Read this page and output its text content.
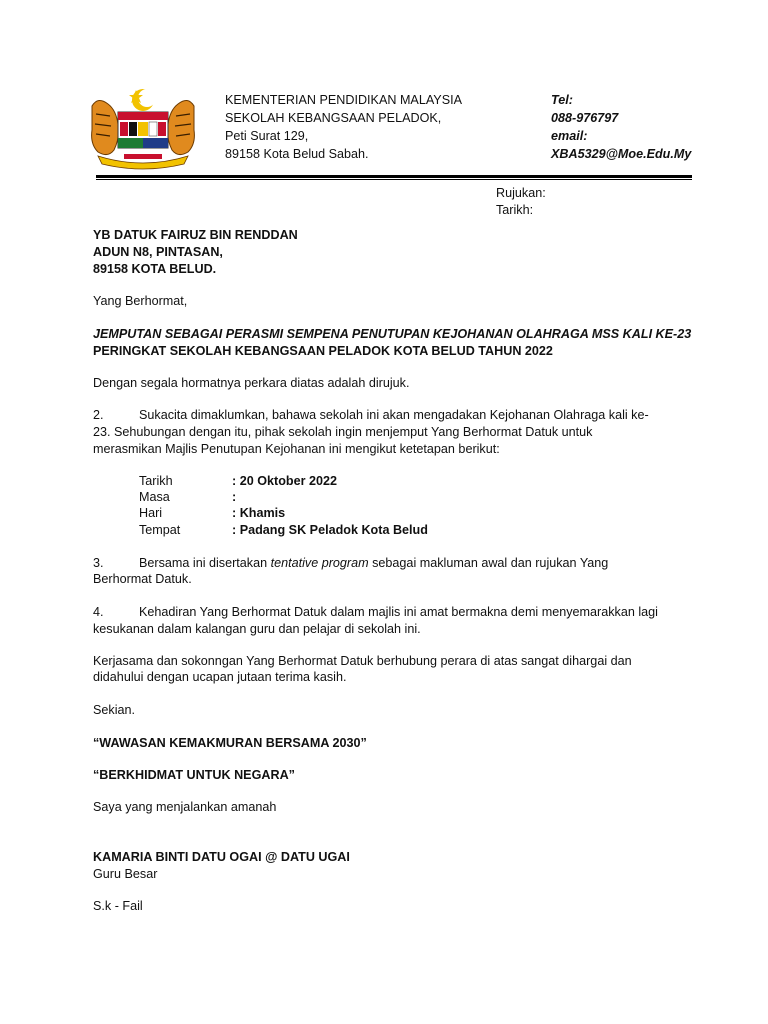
KEMENTERIAN PENDIDIKAN MALAYSIA
SEKOLAH KEBANGSAAN PELADOK,
Peti Surat 129,
89158 Kota Belud Sabah.
Tel:
088-976797
email:
XBA5329@Moe.Edu.My
Rujukan:
Tarikh:
YB DATUK FAIRUZ BIN RENDDAN
ADUN N8, PINTASAN,
89158 KOTA BELUD.
Yang Berhormat,
JEMPUTAN SEBAGAI PERASMI SEMPENA PENUTUPAN KEJOHANAN OLAHRAGA MSS KALI KE-23
PERINGKAT SEKOLAH KEBANGSAAN PELADOK KOTA BELUD TAHUN 2022
Dengan segala hormatnya perkara diatas adalah dirujuk.
2.	Sukacita dimaklumkan, bahawa sekolah ini akan mengadakan Kejohanan Olahraga kali ke-
23. Sehubungan dengan itu, pihak sekolah ingin menjemput Yang Berhormat Datuk untuk
merasmikan Majlis Penutupan Kejohanan ini mengikut ketetapan berikut:
Tarikh	: 20 Oktober 2022
Masa	:
Hari	: Khamis
Tempat	: Padang SK Peladok Kota Belud
3.	Bersama ini disertakan tentative program sebagai makluman awal dan rujukan Yang
Berhormat Datuk.
4.	Kehadiran Yang Berhormat Datuk dalam majlis ini amat bermakna demi menyemarakkan lagi
kesukanan dalam kalangan guru dan pelajar di sekolah ini.
Kerjasama dan sokonngan Yang Berhormat Datuk berhubung perara di atas sangat dihargai dan
didahului dengan ucapan jutaan terima kasih.
Sekian.
“WAWASAN KEMAKMURAN BERSAMA 2030”
“BERKHIDMAT UNTUK NEGARA”
Saya yang menjalankan amanah
KAMARIA BINTI DATU OGAI @ DATU UGAI
Guru Besar
S.k - Fail
